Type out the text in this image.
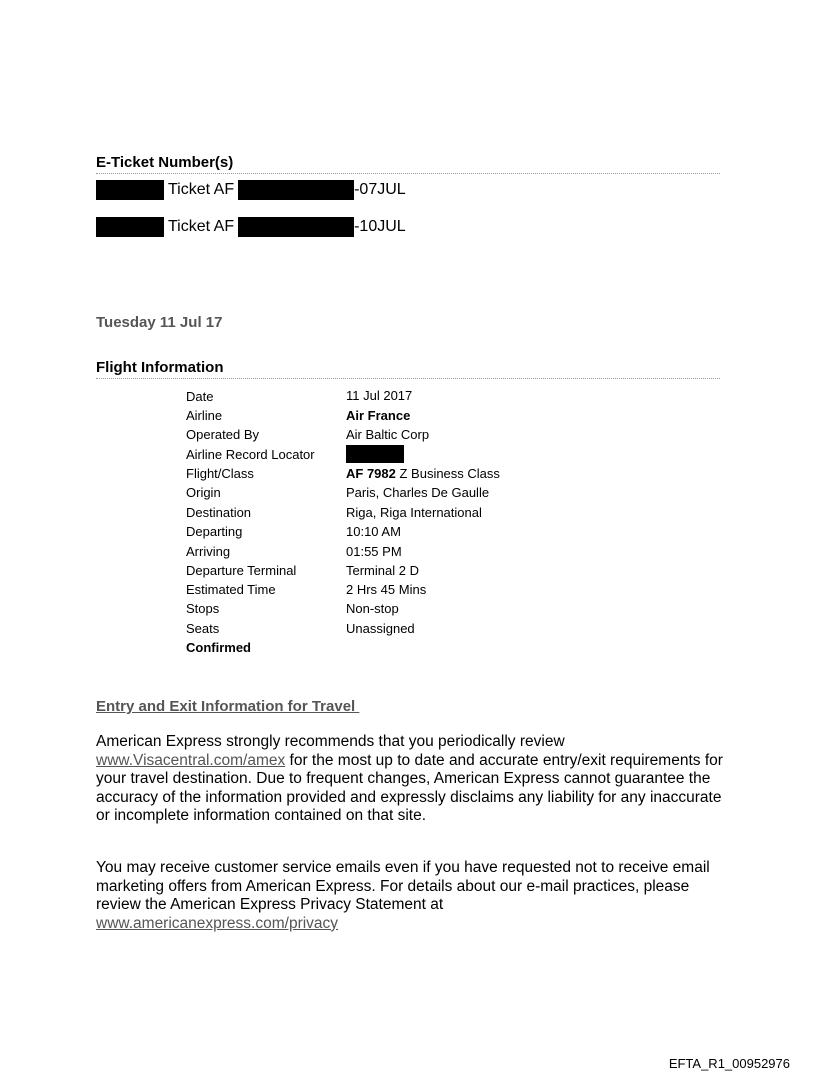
E-Ticket Number(s)
Ticket AF	-07JUL
Ticket AF	-10JUL
Tuesday 11 Jul 17
Flight Information
Date	11 Jul 2017
Airline	Air France
Operated By	Air Baltic Corp
Airline Record Locator
Flight/Class	AF 7982 Z Business Class
Origin	Paris, Charles De Gaulle
Destination	Riga, Riga International
Departing	10:10 AM
Arriving	01:55 PM
Departure Terminal	Terminal 2 D
Estimated Time	2 Hrs 45 Mins
Stops	Non-stop
Seats	Unassigned
Confirmed
Entry and Exit Information for Travel
American Express strongly recommends that you periodically review www.Visacentral.com/amex for the most up to date and accurate entry/exit requirements for your travel destination. Due to frequent changes, American Express cannot guarantee the accuracy of the information provided and expressly disclaims any liability for any inaccurate or incomplete information contained on that site.
You may receive customer service emails even if you have requested not to receive email marketing offers from American Express. For details about our e-mail practices, please review the American Express Privacy Statement at
www.americanexpress.com/privacy
EFTA_R1_00952976
